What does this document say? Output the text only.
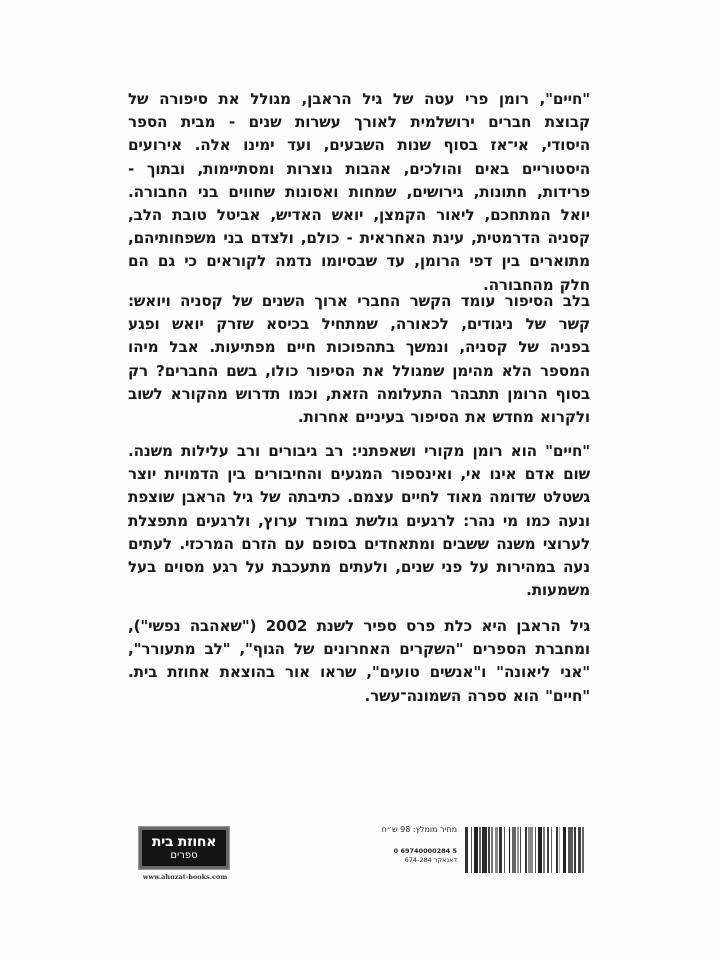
"חיים", רומן פרי עטה של גיל הראבן, מגולל את סיפורה של
קבוצת חברים ירושלמית לאורך עשרות שנים - מבית הספר
היסודי, אי־אז בסוף שנות השבעים, ועד ימינו אלה. אירועים
היסטוריים באים והולכים, אהבות נוצרות ומסתיימות, ובתוך -
פרידות, חתונות, גירושים, שמחות ואסונות שחווים בני החבורה.
יואל המתחכם, ליאור הקמצן, יואש האדיש, אביטל טובת הלב,
קסניה הדרמטית, עינת האחראית - כולם, ולצדם בני משפחותיהם,
מתוארים בין דפי הרומן, עד שבסיומו נדמה לקוראים כי גם הם
חלק מהחבורה.
בלב הסיפור עומד הקשר החברי ארוך השנים של קסניה ויואש:
קשר של ניגודים, לכאורה, שמתחיל בכיסא שזרק יואש ופגע
בפניה של קסניה, ונמשך בתהפוכות חיים מפתיעות. אבל מיהו
המספר הלא מהימן שמגולל את הסיפור כולו, בשם החברים? רק
בסוף הרומן תתבהר התעלומה הזאת, וכמו תדרוש מהקורא לשוב
ולקרוא מחדש את הסיפור בעיניים אחרות.
"חיים" הוא רומן מקורי ושאפתני: רב גיבורים ורב עלילות משנה.
שום אדם אינו אי, ואינספור המגעים והחיבורים בין הדמויות יוצר
גשטלט שדומה מאוד לחיים עצמם. כתיבתה של גיל הראבן שוצפת
ונעה כמו מי נהר: לרגעים גולשת במורד ערוץ, ולרגעים מתפצלת
לערוצי משנה ששבים ומתאחדים בסופם עם הזרם המרכזי. לעתים
נעה במהירות על פני שנים, ולעתים מתעכבת על רגע מסוים בעל
משמעות.
גיל הראבן היא כלת פרס ספיר לשנת 2002 ("שאהבה נפשי"),
ומחברת הספרים "השקרים האחרונים של הגוף", "לב מתעורר",
"אני ליאונה" ו"אנשים טועים", שראו אור בהוצאת אחוזת בית.
"חיים" הוא ספרה השמונה־עשר.
אחוזת בית
ספרים
www.ahuzat-books.com
מחיר מומלץ: 98 ש״ח
0 69740000284 5
דאנאקר 674-284
